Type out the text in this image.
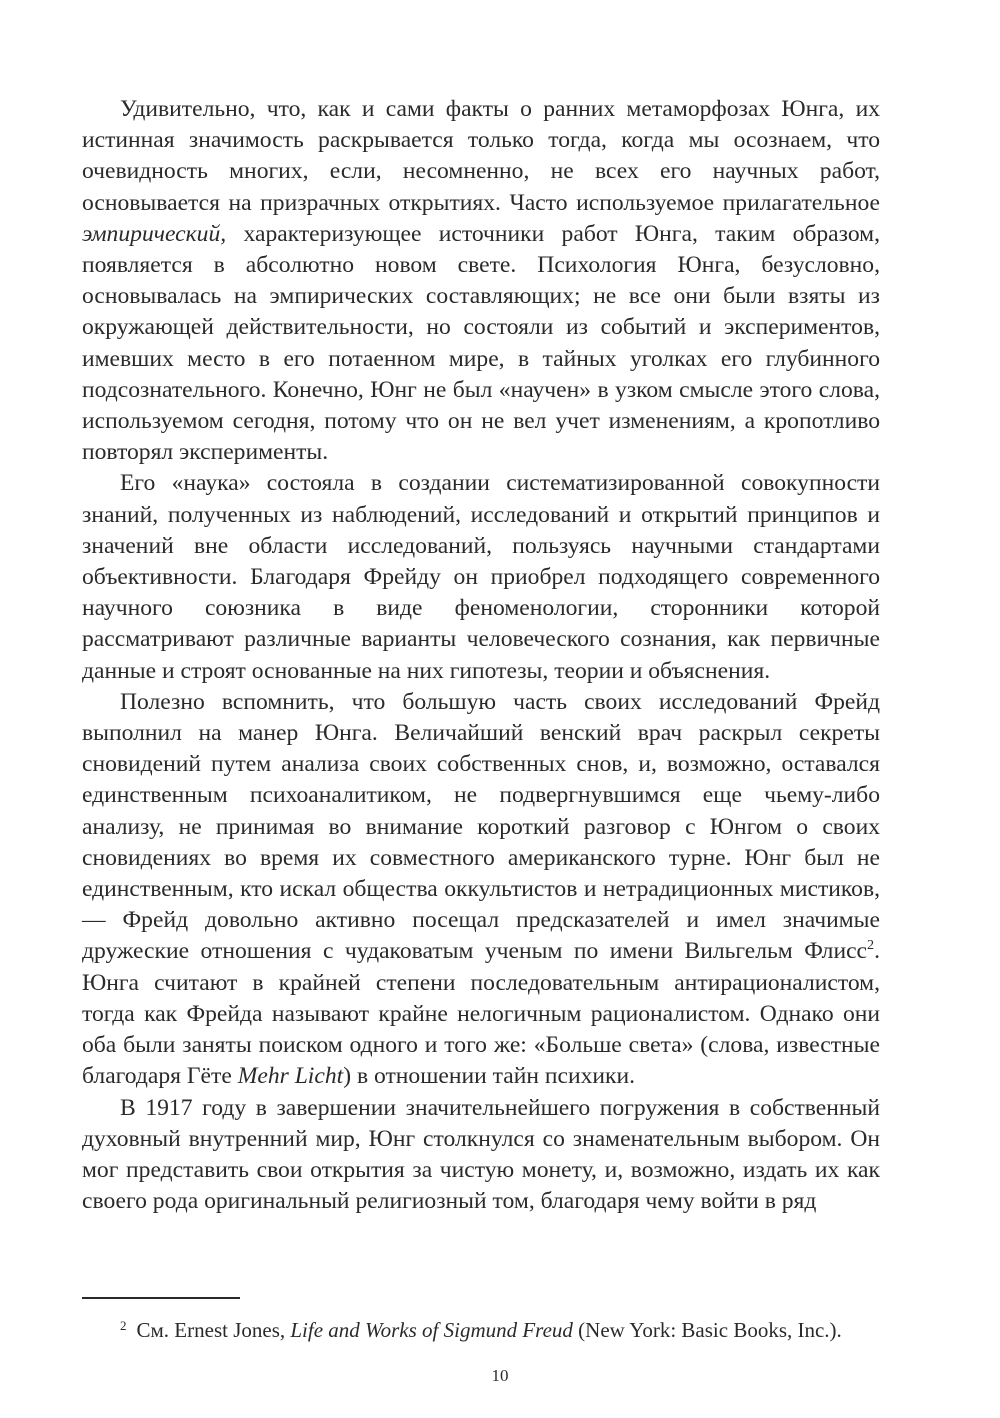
Удивительно, что, как и сами факты о ранних метаморфозах Юнга, их истинная значимость раскрывается только тогда, когда мы осознаем, что очевидность многих, если, несомненно, не всех его научных работ, основывается на призрачных открытиях. Часто используемое прилагательное эмпирический, характеризующее источники работ Юнга, таким образом, появляется в абсолютно новом свете. Психология Юнга, безусловно, основывалась на эмпирических составляющих; не все они были взяты из окружающей действительности, но состояли из событий и экспериментов, имевших место в его потаенном мире, в тайных уголках его глубинного подсознательного. Конечно, Юнг не был «научен» в узком смысле этого слова, используемом сегодня, потому что он не вел учет изменениям, а кропотливо повторял эксперименты.

Его «наука» состояла в создании систематизированной совокупности знаний, полученных из наблюдений, исследований и открытий принципов и значений вне области исследований, пользуясь научными стандартами объективности. Благодаря Фрейду он приобрел подходящего современного научного союзника в виде феноменологии, сторонники которой рассматривают различные варианты человеческого сознания, как первичные данные и строят основанные на них гипотезы, теории и объяснения.

Полезно вспомнить, что большую часть своих исследований Фрейд выполнил на манер Юнга. Величайший венский врач раскрыл секреты сновидений путем анализа своих собственных снов, и, возможно, оставался единственным психоаналитиком, не подвергнувшимся еще чьему-либо анализу, не принимая во внимание короткий разговор с Юнгом о своих сновидениях во время их совместного американского турне. Юнг был не единственным, кто искал общества оккультистов и нетрадиционных мистиков, — Фрейд довольно активно посещал предсказателей и имел значимые дружеские отношения с чудаковатым ученым по имени Вильгельм Флисс$^2$. Юнга считают в крайней степени последовательным антирационалистом, тогда как Фрейда называют крайне нелогичным рационалистом. Однако они оба были заняты поиском одного и того же: «Больше света» (слова, известные благодаря Гёте Mehr Licht) в отношении тайн психики.

В 1917 году в завершении значительнейшего погружения в собственный духовный внутренний мир, Юнг столкнулся со знаменательным выбором. Он мог представить свои открытия за чистую монету, и, возможно, издать их как своего рода оригинальный религиозный том, благодаря чему войти в ряд

$^2$ См. Ernest Jones, Life and Works of Sigmund Freud (New York: Basic Books, Inc.).
10
